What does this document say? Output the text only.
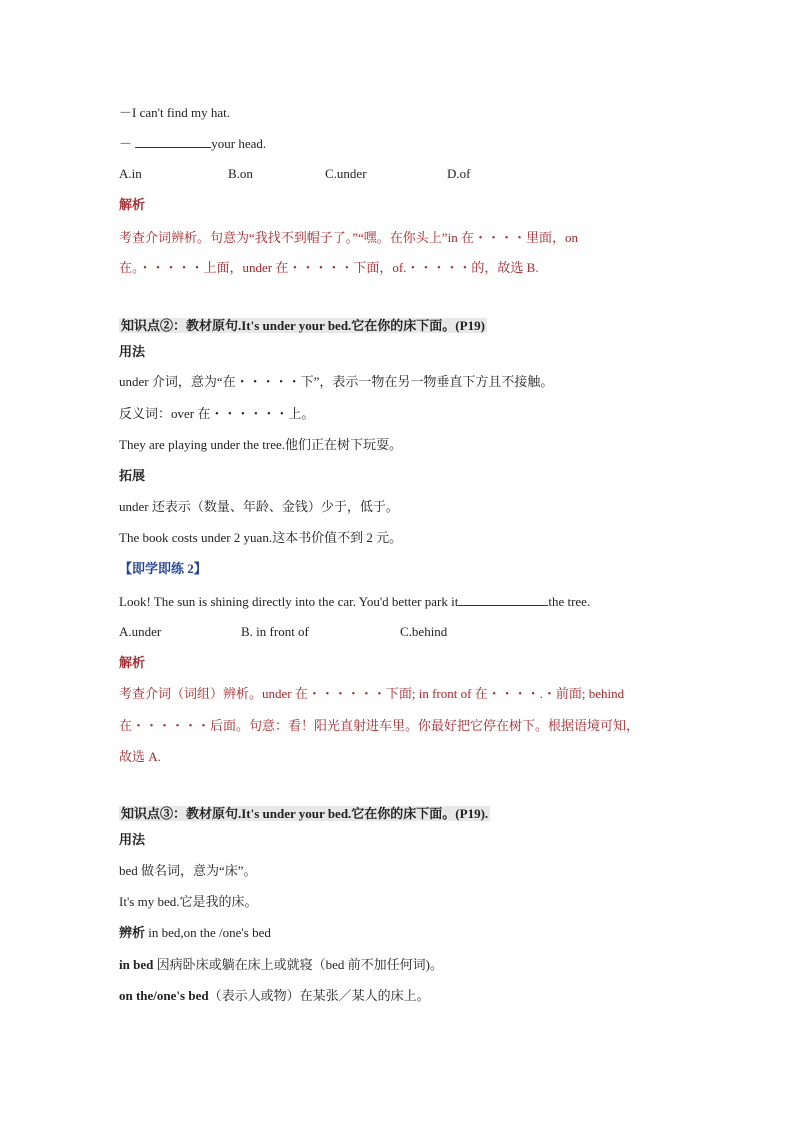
－I can't find my hat.
－	your head.
A.in	B.on	C.under	D.of
解析
考查介词辨析。句意为“我找不到帽子了。”“嘿。在你头上”in 在・・・・里面，on
在。・・・・・上面，under 在・・・・・下面，of.・・・・・的，故选 B.
知识点②：教材原句.It's under your bed.它在你的床下面。(P19)
用法
under 介词，意为“在・・・・・下”，表示一物在另一物垂直下方且不接触。
反义词：over 在・・・・・・上。
They are playing under the tree.他们正在树下玩耍。
拓展
under 还表示（数量、年龄、金钱）少于，低于。
The book costs under 2 yuan.这本书价值不到 2 元。
【即学即练 2】
Look! The sun is shining directly into the car. You'd better park it	the tree.
A.under	B. in front of	C.behind
解析
考查介词（词组）辨析。under 在・・・・・・下面; in front of 在・・・・.・前面; behind
在・・・・・・后面。句意：看！阳光直射进车里。你最好把它停在树下。根据语境可知，
故选 A.
知识点③：教材原句.It's under your bed.它在你的床下面。(P19).
用法
bed 做名词，意为“床”。
It's my bed.它是我的床。
辨析 in bed,on the /one's bed
in bed 因病卧床或躺在床上或就寝（bed 前不加任何词)。
on the/one's bed（表示人或物）在某张／某人的床上。
